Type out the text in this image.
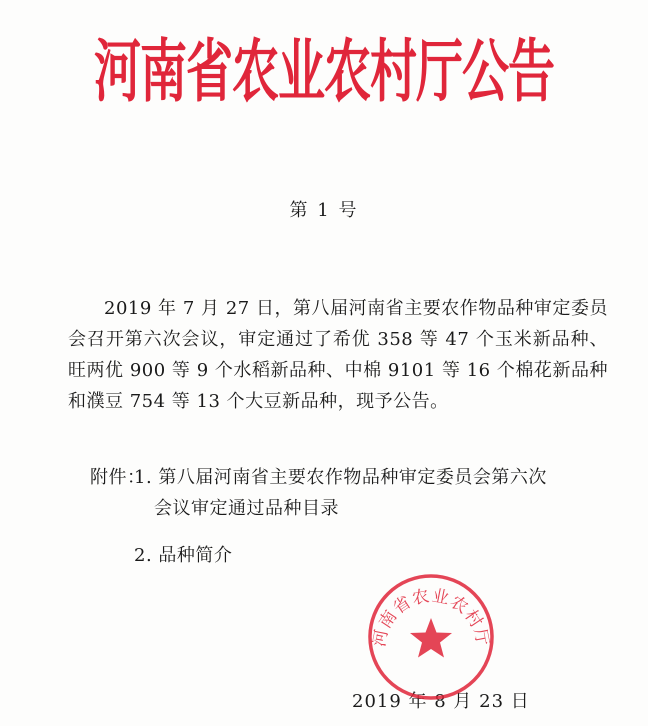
河南省农业农村厅公告
第 1 号
2019 年 7 月 27 日，第八届河南省主要农作物品种审定委员会召开第六次会议，审定通过了希优 358 等 47 个玉米新品种、旺两优 900 等 9 个水稻新品种、中棉 9101 等 16 个棉花新品种和濮豆 754 等 13 个大豆新品种，现予公告。
附件：
1. 第八届河南省主要农作物品种审定委员会第六次
会议审定通过品种目录
2. 品种简介
2019 年 8 月 23 日
河南省农业农村厅
